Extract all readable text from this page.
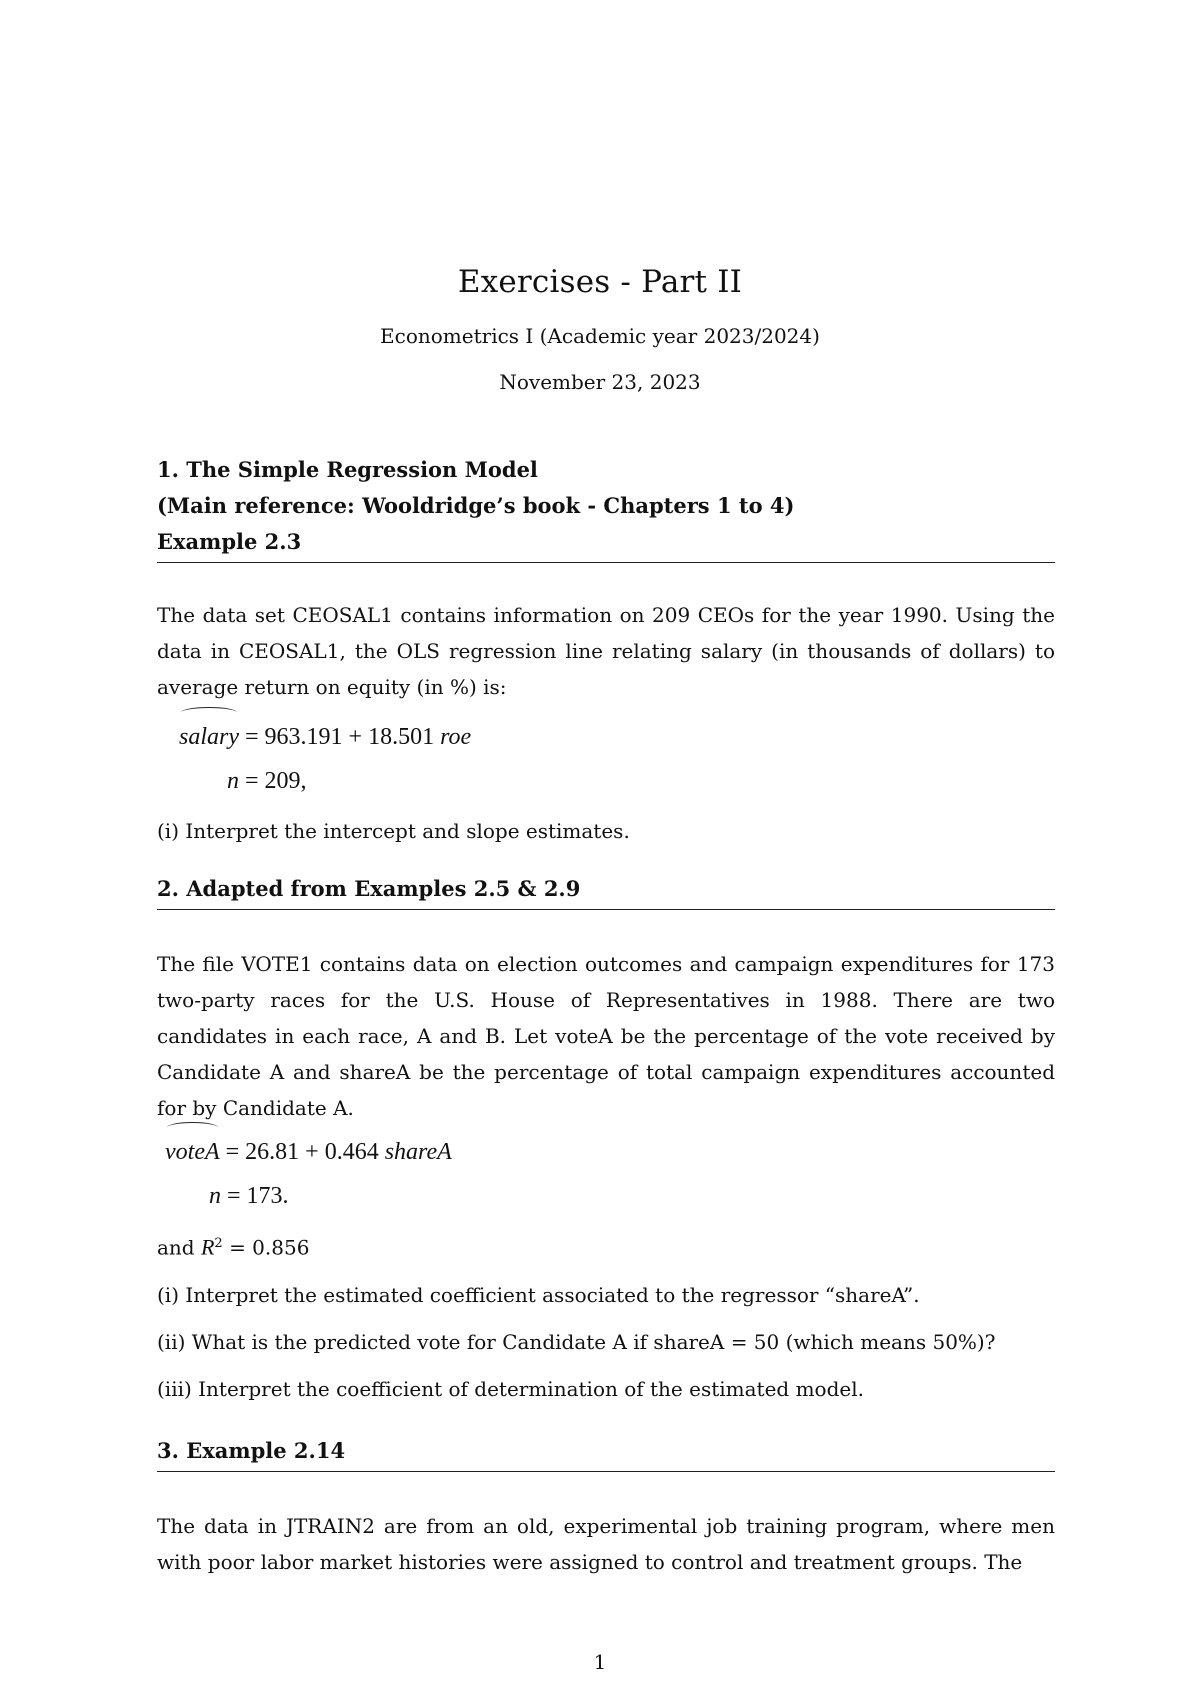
Exercises - Part II
Econometrics I (Academic year 2023/2024)
November 23, 2023
1. The Simple Regression Model
(Main reference: Wooldridge’s book - Chapters 1 to 4)
Example 2.3
The data set CEOSAL1 contains information on 209 CEOs for the year 1990. Using the data in CEOSAL1, the OLS regression line relating salary (in thousands of dollars) to average return on equity (in %) is:
salary = 963.191 + 18.501 roe
n = 209,
(i) Interpret the intercept and slope estimates.
2. Adapted from Examples 2.5 & 2.9
The file VOTE1 contains data on election outcomes and campaign expenditures for 173 two-party races for the U.S. House of Representatives in 1988. There are two candidates in each race, A and B. Let voteA be the percentage of the vote received by Candidate A and shareA be the percentage of total campaign expenditures accounted for by Candidate A.
voteA = 26.81 + 0.464 shareA
n = 173.
and $R^2 = 0.856$
(i) Interpret the estimated coefficient associated to the regressor “shareA”.
(ii) What is the predicted vote for Candidate A if shareA = 50 (which means 50%)?
(iii) Interpret the coefficient of determination of the estimated model.
3. Example 2.14
The data in JTRAIN2 are from an old, experimental job training program, where men with poor labor market histories were assigned to control and treatment groups. The
1
